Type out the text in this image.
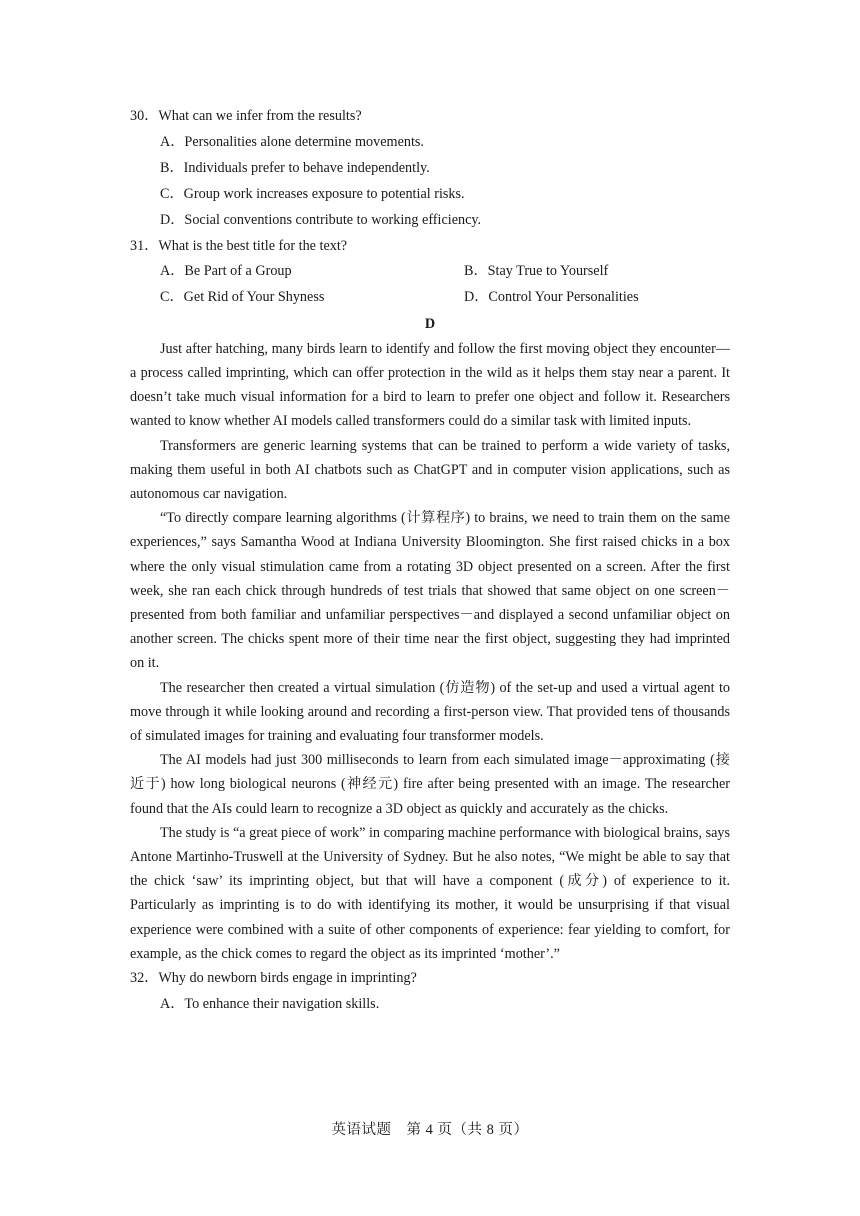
30．What can we infer from the results?
A．Personalities alone determine movements.
B．Individuals prefer to behave independently.
C．Group work increases exposure to potential risks.
D．Social conventions contribute to working efficiency.
31．What is the best title for the text?
A．Be Part of a Group	B．Stay True to Yourself
C．Get Rid of Your Shyness	D．Control Your Personalities
D

Just after hatching, many birds learn to identify and follow the first moving object they encounter—a process called imprinting, which can offer protection in the wild as it helps them stay near a parent. It doesn’t take much visual information for a bird to learn to prefer one object and follow it. Researchers wanted to know whether AI models called transformers could do a similar task with limited inputs.

Transformers are generic learning systems that can be trained to perform a wide variety of tasks, making them useful in both AI chatbots such as ChatGPT and in computer vision applications, such as autonomous car navigation.

“To directly compare learning algorithms (计算程序) to brains, we need to train them on the same experiences,” says Samantha Wood at Indiana University Bloomington. She first raised chicks in a box where the only visual stimulation came from a rotating 3D object presented on a screen. After the first week, she ran each chick through hundreds of test trials that showed that same object on one screen－presented from both familiar and unfamiliar perspectives－and displayed a second unfamiliar object on another screen. The chicks spent more of their time near the first object, suggesting they had imprinted on it.

The researcher then created a virtual simulation (仿造物) of the set-up and used a virtual agent to move through it while looking around and recording a first-person view. That provided tens of thousands of simulated images for training and evaluating four transformer models.

The AI models had just 300 milliseconds to learn from each simulated image－approximating (接近于) how long biological neurons (神经元) fire after being presented with an image. The researcher found that the AIs could learn to recognize a 3D object as quickly and accurately as the chicks.

The study is “a great piece of work” in comparing machine performance with biological brains, says Antone Martinho-Truswell at the University of Sydney. But he also notes, “We might be able to say that the chick ‘saw’ its imprinting object, but that will have a component (成分) of experience to it. Particularly as imprinting is to do with identifying its mother, it would be unsurprising if that visual experience were combined with a suite of other components of experience: fear yielding to comfort, for example, as the chick comes to regard the object as its imprinted ‘mother’.”

32．Why do newborn birds engage in imprinting?
A．To enhance their navigation skills.
英语试题　第 4 页（共 8 页）
